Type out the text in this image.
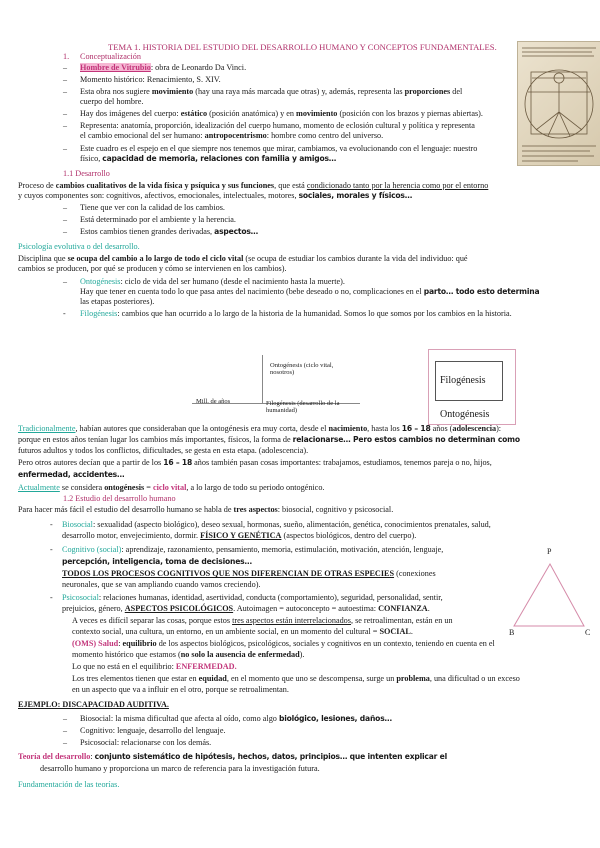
TEMA 1. HISTORIA DEL ESTUDIO DEL DESARROLLO HUMANO Y CONCEPTOS FUNDAMENTALES.
1. Conceptualización
– Hombre de Vitrubio: obra de Leonardo Da Vinci.
– Momento histórico: Renacimiento, S. XIV.
– Esta obra nos sugiere movimiento (hay una raya más marcada que otras) y, además, representa las proporciones del
cuerpo del hombre.
– Hay dos imágenes del cuerpo: estático (posición anatómica) y en movimiento (posición con los brazos y piernas abiertas).
– Representa: anatomía, proporción, idealización del cuerpo humano, momento de eclosión cultural y política y representa
el cambio emocional del ser humano: antropocentrismo: hombre como centro del universo.
– Este cuadro es el espejo en el que siempre nos tenemos que mirar, cambiamos, va evolucionando con el lenguaje: nuestro
físico, capacidad de memoria, relaciones con familia y amigos…
1.1 Desarrollo
Proceso de cambios cualitativos de la vida física y psíquica y sus funciones, que está condicionado tanto por la herencia como por el entorno
y cuyos componentes son: cognitivos, afectivos, emocionales, intelectuales, motores, sociales, morales y físicos…
– Tiene que ver con la calidad de los cambios.
– Está determinado por el ambiente y la herencia.
– Estos cambios tienen grandes derivadas, aspectos…
Psicología evolutiva o del desarrollo.
Disciplina que se ocupa del cambio a lo largo de todo el ciclo vital (se ocupa de estudiar los cambios durante la vida del individuo: qué
cambios se producen, por qué se producen y cómo se intervienen en los cambios).
– Ontogénesis: ciclo de vida del ser humano (desde el nacimiento hasta la muerte).
Hay que tener en cuenta todo lo que pasa antes del nacimiento (bebe deseado o no, complicaciones en el parto… todo esto determina
las etapas posteriores).
- Filogénesis: cambios que han ocurrido a lo largo de la historia de la humanidad. Somos lo que somos por los cambios en la historia.
Ontogénesis (ciclo vital, nosotros)
Mill. de años	Filogénesis (desarrollo de la humanidad)
Filogénesis
Ontogénesis
Tradicionalmente, habían autores que consideraban que la ontogénesis era muy corta, desde el nacimiento, hasta los 16 – 18 años (adolescencia):
porque en estos años tenían lugar los cambios más importantes, físicos, la forma de relacionarse… Pero estos cambios no determinan como
futuros adultos y todos los conflictos, dificultades, se gesta en esta etapa. (adolescencia).
Pero otros autores decían que a partir de los 16 – 18 años también pasan cosas importantes: trabajamos, estudiamos, tenemos pareja o no, hijos,
enfermedad, accidentes…
Actualmente se considera ontogénesis = ciclo vital, a lo largo de todo su periodo ontogénico.
1.2 Estudio del desarrollo humano
Para hacer más fácil el estudio del desarrollo humano se habla de tres aspectos: biosocial, cognitivo y psicosocial.
- Biosocial: sexualidad (aspecto biológico), deseo sexual, hormonas, sueño, alimentación, genética, conocimientos prenatales, salud,
desarrollo motor, envejecimiento, dormir. FÍSICO Y GENÉTICA (aspectos biológicos, dentro del cuerpo).
- Cognitivo (social): aprendizaje, razonamiento, pensamiento, memoria, estimulación, motivación, atención, lenguaje,
percepción, inteligencia, toma de decisiones…
TODOS LOS PROCESOS COGNITIVOS QUE NOS DIFERENCIAN DE OTRAS ESPECIES (conexiones
neuronales, que se van ampliando cuando vamos creciendo).
- Psicosocial: relaciones humanas, identidad, asertividad, conducta (comportamiento), seguridad, personalidad, sentir,
prejuicios, género, ASPECTOS PSICOLÓGICOS. Autoimagen = autoconcepto = autoestima: CONFIANZA.
A veces es difícil separar las cosas, porque estos tres aspectos están interrelacionados, se retroalimentan, están en un
contexto social, una cultura, un entorno, en un ambiente social, en un momento del cultural = SOCIAL.
(OMS) Salud: equilibrio de los aspectos biológicos, psicológicos, sociales y cognitivos en un contexto, teniendo en cuenta en el
momento histórico que estamos (no solo la ausencia de enfermedad).
Lo que no está en el equilibrio: ENFERMEDAD.
Los tres elementos tienen que estar en equidad, en el momento que uno se descompensa, surge un problema, una dificultad o un exceso
en un aspecto que va a influir en el otro, porque se retroalimentan.
P
B	C
EJEMPLO: DISCAPACIDAD AUDITIVA.
– Biosocial: la misma dificultad que afecta al oído, como algo biológico, lesiones, daños…
– Cognitivo: lenguaje, desarrollo del lenguaje.
– Psicosocial: relacionarse con los demás.
Teoría del desarrollo: conjunto sistemático de hipótesis, hechos, datos, principios… que intenten explicar el
desarrollo humano y proporciona un marco de referencia para la investigación futura.
Fundamentación de las teorías.
